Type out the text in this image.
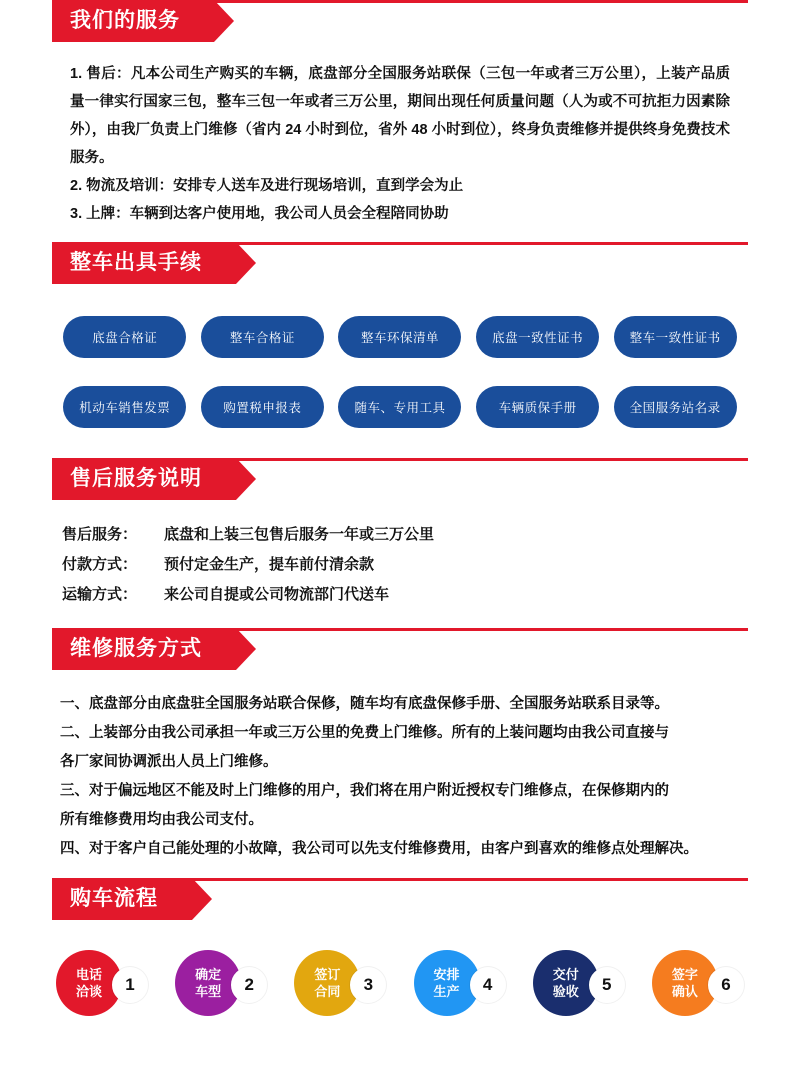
我们的服务

1. 售后：凡本公司生产购买的车辆，底盘部分全国服务站联保（三包一年或者三万公里），上装产品质量一律实行国家三包，整车三包一年或者三万公里，期间出现任何质量问题（人为或不可抗拒力因素除外），由我厂负责上门维修（省内 24 小时到位，省外 48 小时到位），终身负责维修并提供终身免费技术服务。

2. 物流及培训：安排专人送车及进行现场培训，直到学会为止

3. 上牌：车辆到达客户使用地，我公司人员会全程陪同协助

整车出具手续
底盘合格证	整车合格证	整车环保清单	底盘一致性证书	整车一致性证书
机动车销售发票	购置税申报表	随车、专用工具	车辆质保手册	全国服务站名录
售后服务说明
售后服务：	底盘和上装三包售后服务一年或三万公里
付款方式：	预付定金生产，提车前付清余款
运输方式：	来公司自提或公司物流部门代送车
维修服务方式

一、底盘部分由底盘驻全国服务站联合保修，随车均有底盘保修手册、全国服务站联系目录等。

二、上装部分由我公司承担一年或三万公里的免费上门维修。所有的上装问题均由我公司直接与

各厂家间协调派出人员上门维修。

三、对于偏远地区不能及时上门维修的用户，我们将在用户附近授权专门维修点，在保修期内的

所有维修费用均由我公司支付。

四、对于客户自己能处理的小故障，我公司可以先支付维修费用，由客户到喜欢的维修点处理解决。

购车流程
电话
洽谈	1
确定
车型	2
签订
合同	3
安排
生产	4
交付
验收	5
签字
确认	6
